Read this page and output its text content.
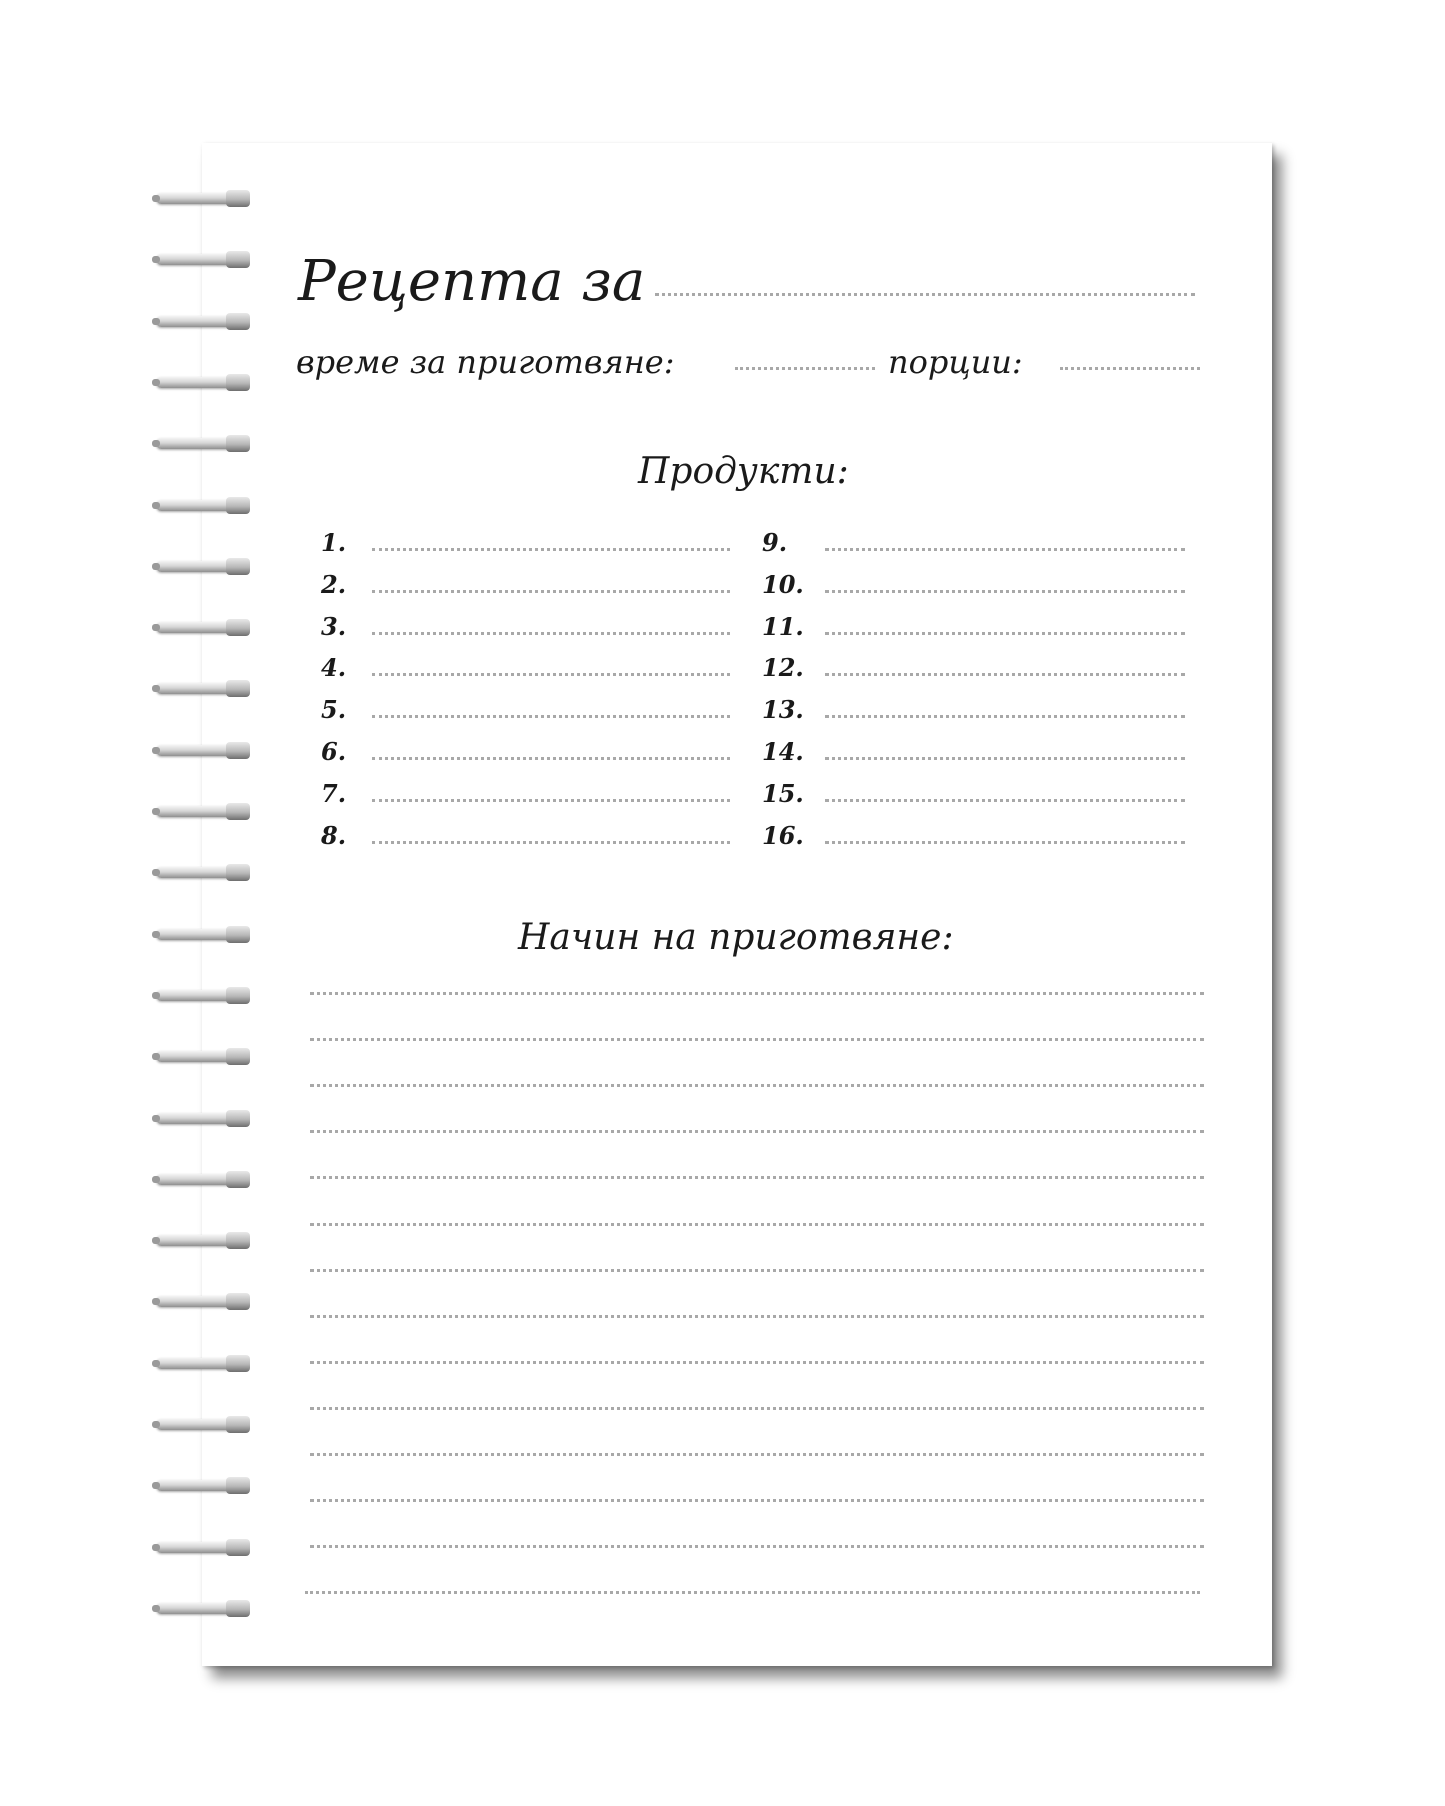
Рецепта за
време за приготвяне:	порции:
Продукти:
1.
2.
3.
4.
5.
6.
7.
8.
9.
10.
11.
12.
13.
14.
15.
16.
Начин на приготвяне:
